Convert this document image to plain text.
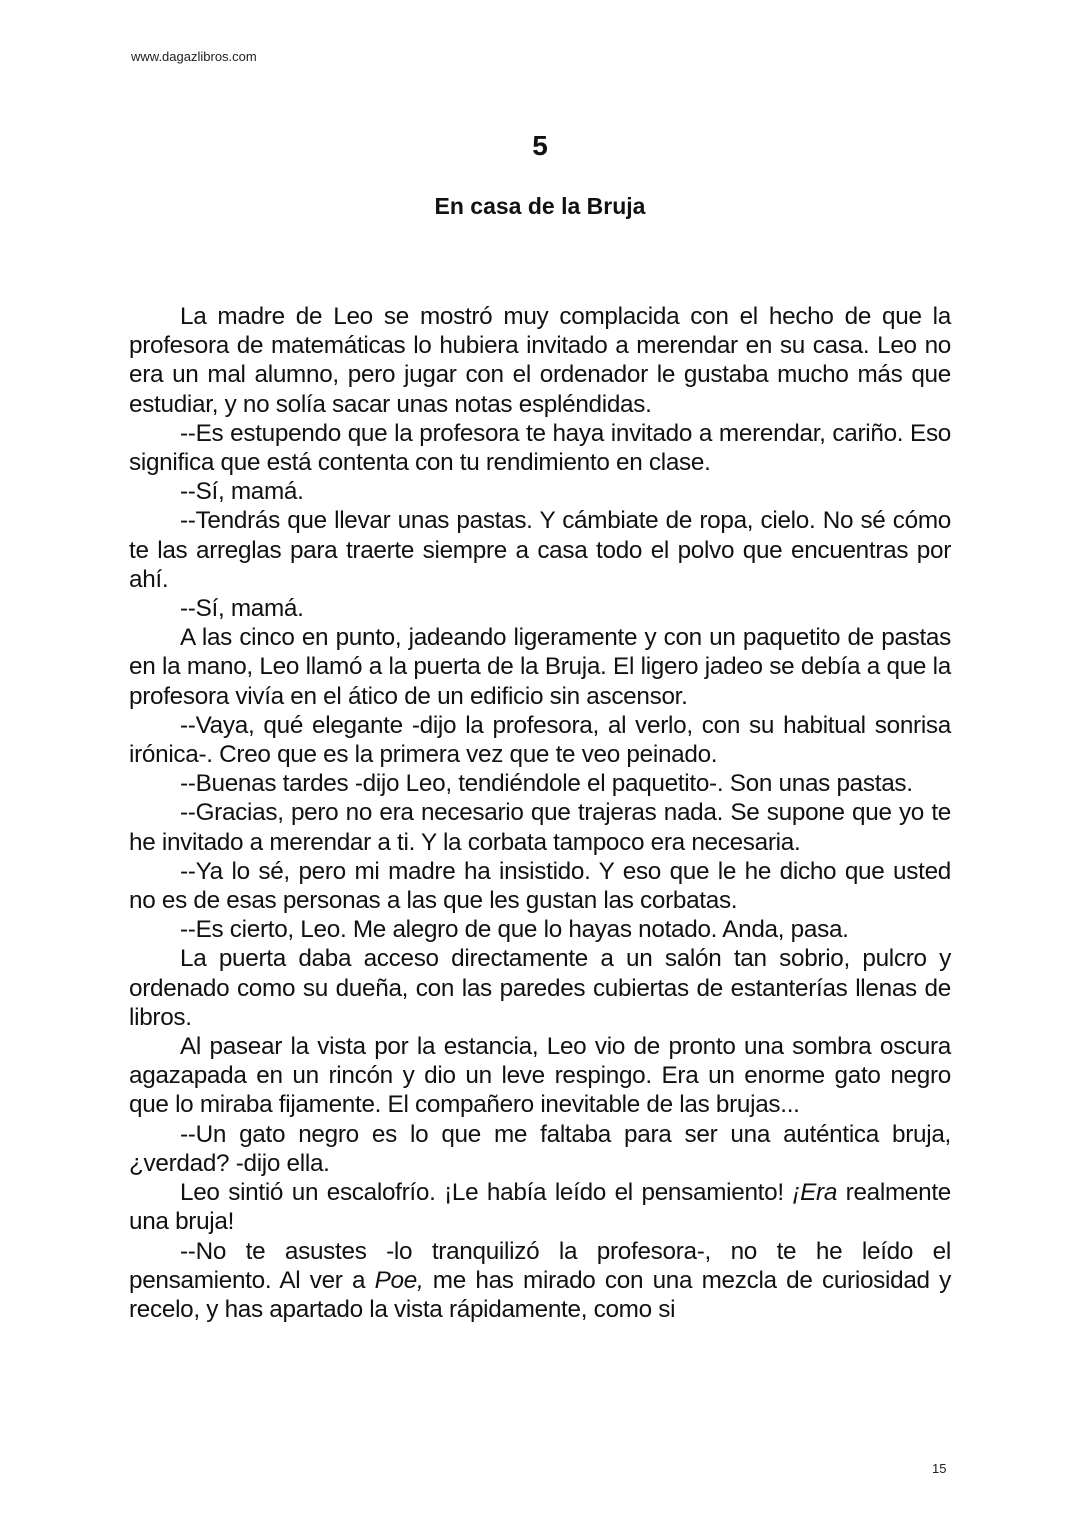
www.dagazlibros.com
5
En casa de la Bruja

La madre de Leo se mostró muy complacida con el hecho de que la profesora de matemáticas lo hubiera invitado a merendar en su casa. Leo no era un mal alumno, pero jugar con el ordenador le gustaba mucho más que estudiar, y no solía sacar unas notas espléndidas.

--Es estupendo que la profesora te haya invitado a merendar, cariño. Eso significa que está contenta con tu rendimiento en clase.

--Sí, mamá.

--Tendrás que llevar unas pastas. Y cámbiate de ropa, cielo. No sé cómo te las arreglas para traerte siempre a casa todo el polvo que encuentras por ahí.

--Sí, mamá.

A las cinco en punto, jadeando ligeramente y con un paquetito de pastas en la mano, Leo llamó a la puerta de la Bruja. El ligero jadeo se debía a que la profesora vivía en el ático de un edificio sin ascensor.

--Vaya, qué elegante -dijo la profesora, al verlo, con su habitual sonrisa irónica-. Creo que es la primera vez que te veo peinado.

--Buenas tardes -dijo Leo, tendiéndole el paquetito-. Son unas pastas.

--Gracias, pero no era necesario que trajeras nada. Se supone que yo te he invitado a merendar a ti. Y la corbata tampoco era necesaria.

--Ya lo sé, pero mi madre ha insistido. Y eso que le he dicho que usted no es de esas personas a las que les gustan las corbatas.

--Es cierto, Leo. Me alegro de que lo hayas notado. Anda, pasa.

La puerta daba acceso directamente a un salón tan sobrio, pulcro y ordenado como su dueña, con las paredes cubiertas de estanterías llenas de libros.

Al pasear la vista por la estancia, Leo vio de pronto una sombra oscura agazapada en un rincón y dio un leve respingo. Era un enorme gato negro que lo miraba fijamente. El compañero inevitable de las brujas...

--Un gato negro es lo que me faltaba para ser una auténtica bruja, ¿verdad? -dijo ella.

Leo sintió un escalofrío. ¡Le había leído el pensamiento! ¡Era realmente una bruja!

--No te asustes -lo tranquilizó la profesora-, no te he leído el pensamiento. Al ver a Poe, me has mirado con una mezcla de curiosidad y recelo, y has apartado la vista rápidamente, como si

15
